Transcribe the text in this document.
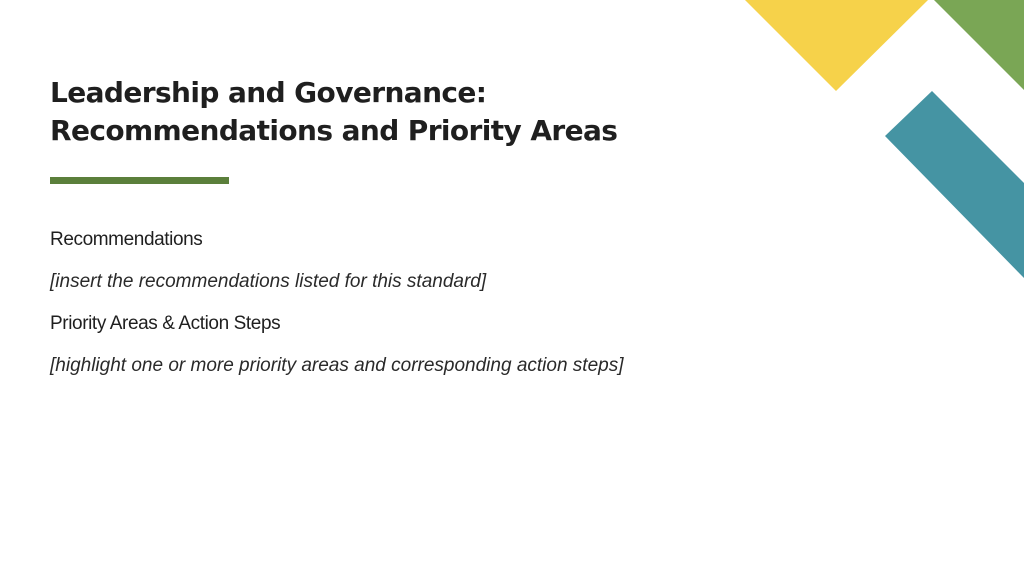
Leadership and Governance:
Recommendations and Priority Areas

Recommendations

[insert the recommendations listed for this standard]

Priority Areas & Action Steps

[highlight one or more priority areas and corresponding action steps]
